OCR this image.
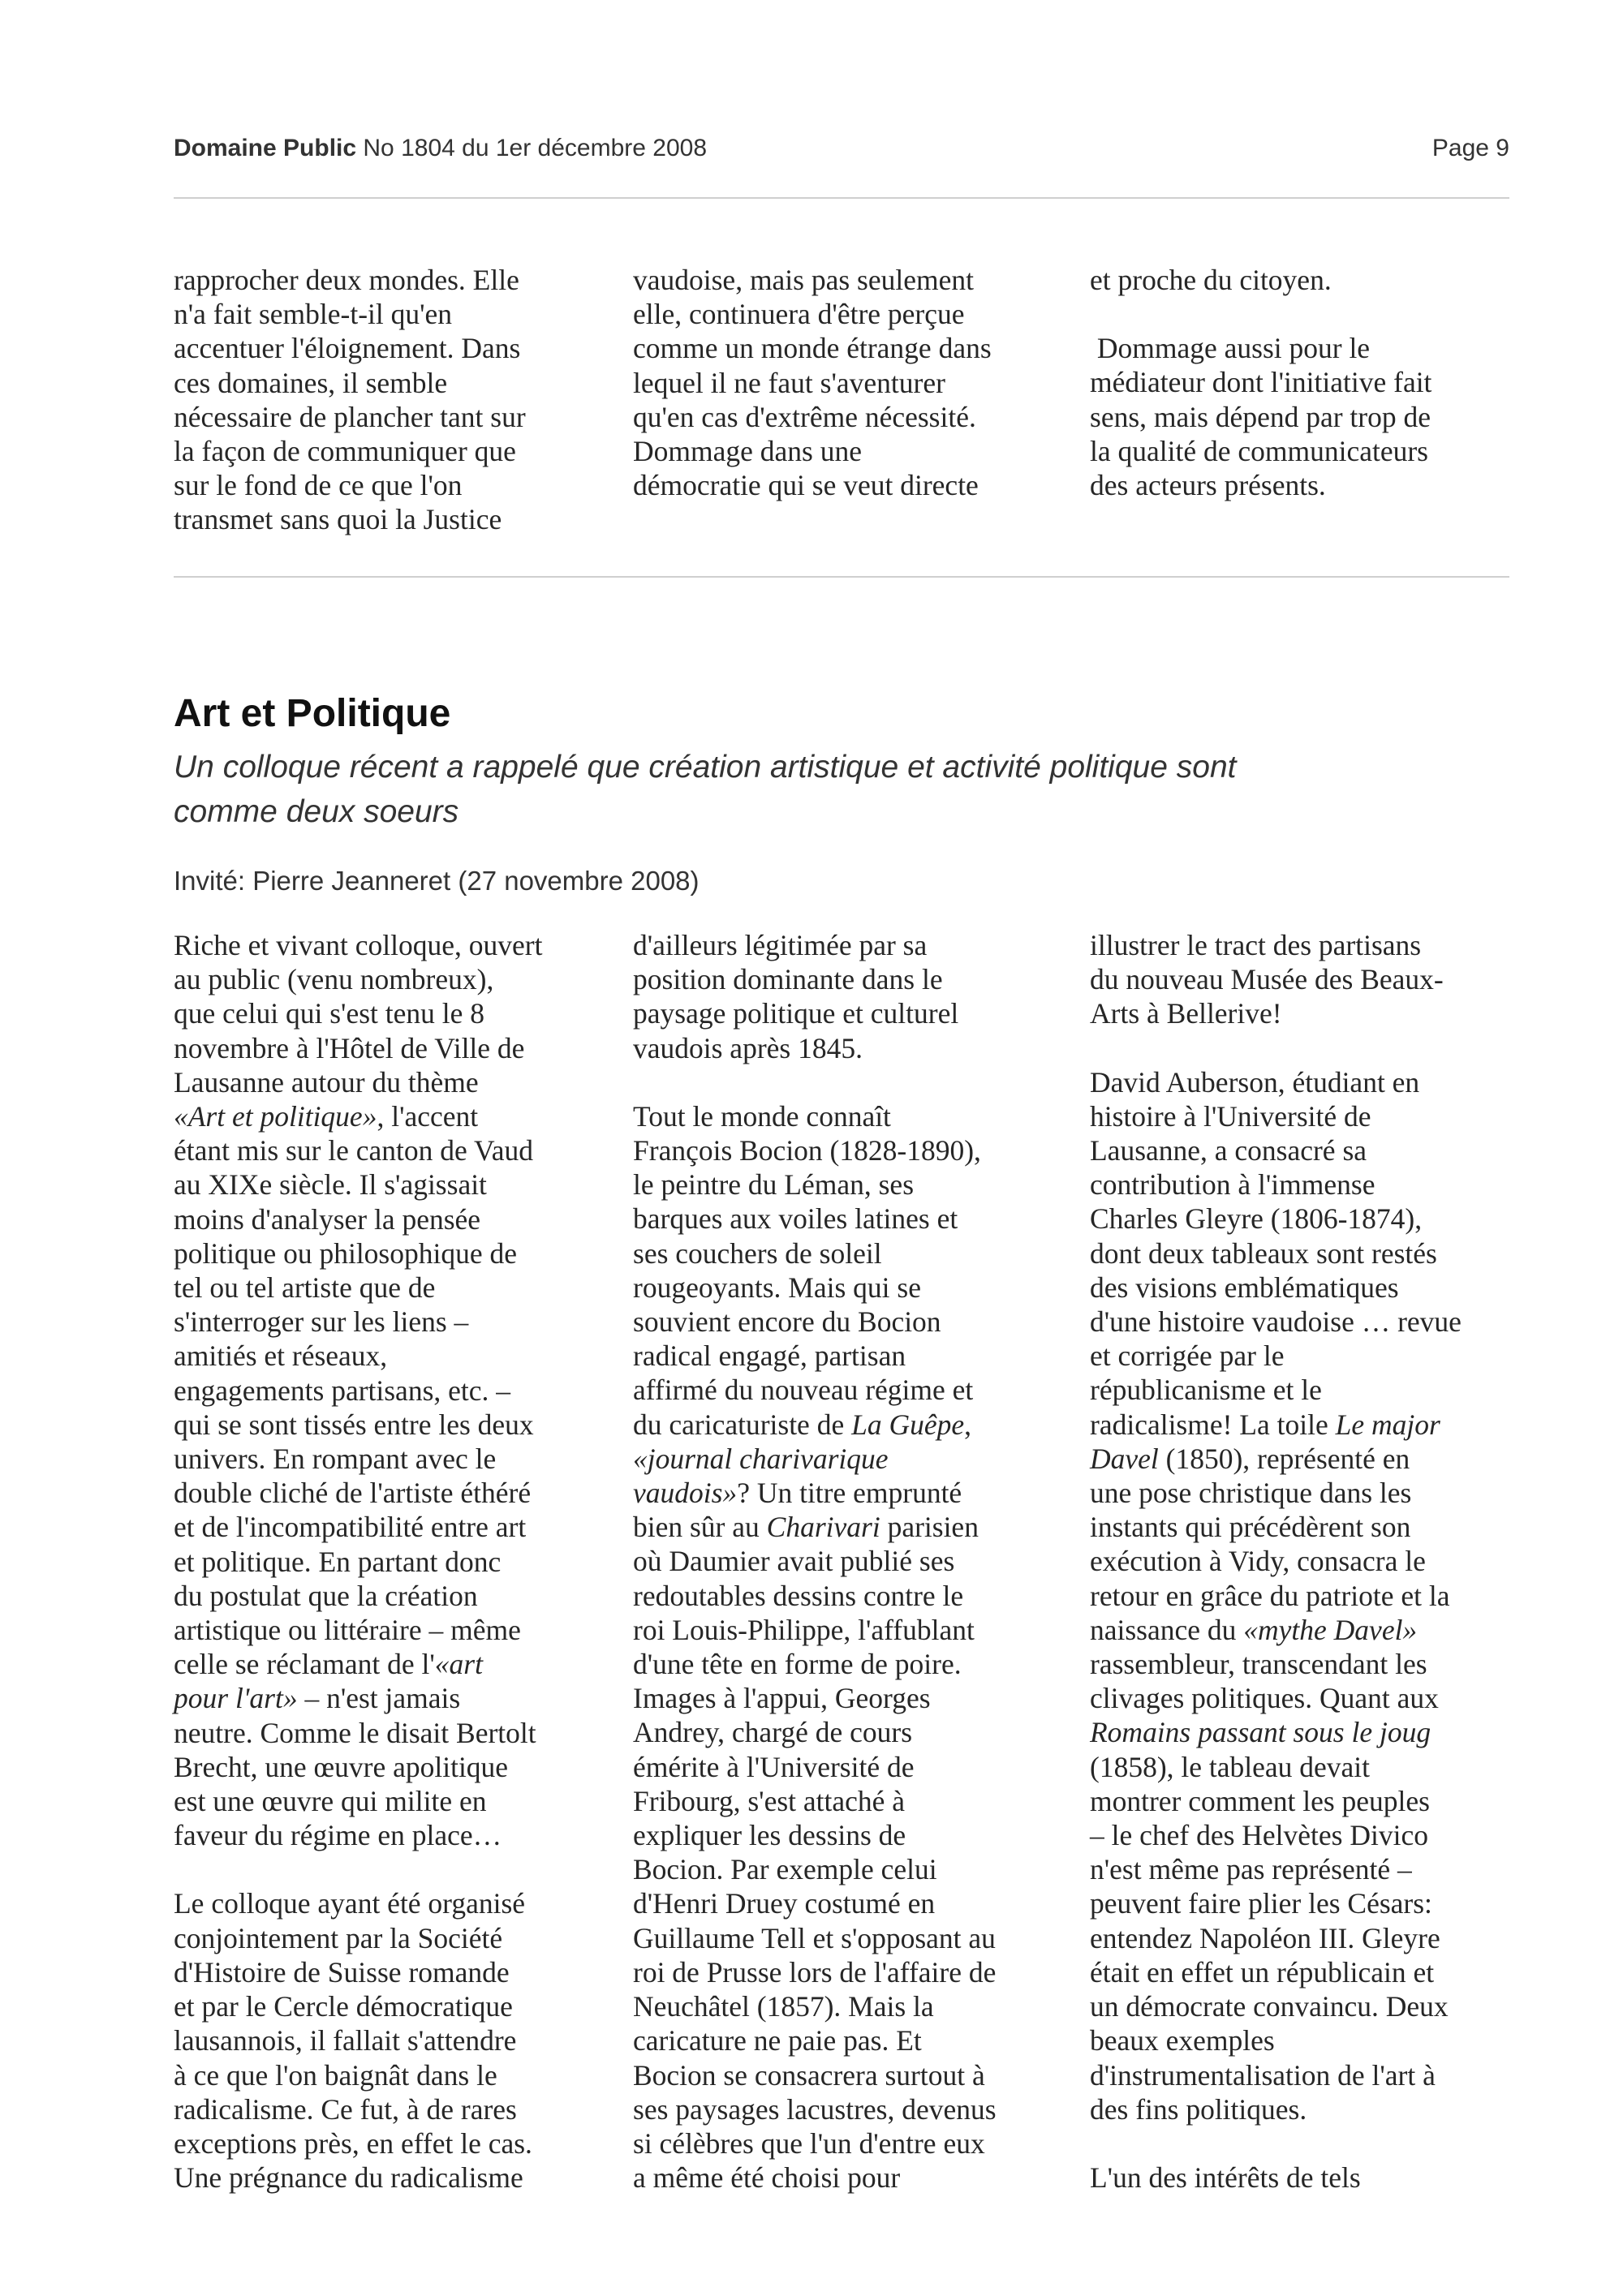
Domaine Public No 1804 du 1er décembre 2008	Page 9

rapprocher deux mondes. Elle
n'a fait semble-t-il qu'en
accentuer l'éloignement. Dans
ces domaines, il semble
nécessaire de plancher tant sur
la façon de communiquer que
sur le fond de ce que l'on
transmet sans quoi la Justice

vaudoise, mais pas seulement
elle, continuera d'être perçue
comme un monde étrange dans
lequel il ne faut s'aventurer
qu'en cas d'extrême nécessité.
Dommage dans une
démocratie qui se veut directe

et proche du citoyen.

Dommage aussi pour le
médiateur dont l'initiative fait
sens, mais dépend par trop de
la qualité de communicateurs
des acteurs présents.

Art et Politique

Un colloque récent a rappelé que création artistique et activité politique sont
comme deux soeurs

Invité: Pierre Jeanneret (27 novembre 2008)

Riche et vivant colloque, ouvert
au public (venu nombreux),
que celui qui s'est tenu le 8
novembre à l'Hôtel de Ville de
Lausanne autour du thème
«Art et politique», l'accent
étant mis sur le canton de Vaud
au XIXe siècle. Il s'agissait
moins d'analyser la pensée
politique ou philosophique de
tel ou tel artiste que de
s'interroger sur les liens –
amitiés et réseaux,
engagements partisans, etc. –
qui se sont tissés entre les deux
univers. En rompant avec le
double cliché de l'artiste éthéré
et de l'incompatibilité entre art
et politique. En partant donc
du postulat que la création
artistique ou littéraire – même
celle se réclamant de l'«art
pour l'art» – n'est jamais
neutre. Comme le disait Bertolt
Brecht, une œuvre apolitique
est une œuvre qui milite en
faveur du régime en place…

Le colloque ayant été organisé
conjointement par la Société
d'Histoire de Suisse romande
et par le Cercle démocratique
lausannois, il fallait s'attendre
à ce que l'on baignât dans le
radicalisme. Ce fut, à de rares
exceptions près, en effet le cas.
Une prégnance du radicalisme

d'ailleurs légitimée par sa
position dominante dans le
paysage politique et culturel
vaudois après 1845.

Tout le monde connaît
François Bocion (1828-1890),
le peintre du Léman, ses
barques aux voiles latines et
ses couchers de soleil
rougeoyants. Mais qui se
souvient encore du Bocion
radical engagé, partisan
affirmé du nouveau régime et
du caricaturiste de La Guêpe,
«journal charivarique
vaudois»? Un titre emprunté
bien sûr au Charivari parisien
où Daumier avait publié ses
redoutables dessins contre le
roi Louis-Philippe, l'affublant
d'une tête en forme de poire.
Images à l'appui, Georges
Andrey, chargé de cours
émérite à l'Université de
Fribourg, s'est attaché à
expliquer les dessins de
Bocion. Par exemple celui
d'Henri Druey costumé en
Guillaume Tell et s'opposant au
roi de Prusse lors de l'affaire de
Neuchâtel (1857). Mais la
caricature ne paie pas. Et
Bocion se consacrera surtout à
ses paysages lacustres, devenus
si célèbres que l'un d'entre eux
a même été choisi pour

illustrer le tract des partisans
du nouveau Musée des Beaux-
Arts à Bellerive!

David Auberson, étudiant en
histoire à l'Université de
Lausanne, a consacré sa
contribution à l'immense
Charles Gleyre (1806-1874),
dont deux tableaux sont restés
des visions emblématiques
d'une histoire vaudoise … revue
et corrigée par le
républicanisme et le
radicalisme! La toile Le major
Davel (1850), représenté en
une pose christique dans les
instants qui précédèrent son
exécution à Vidy, consacra le
retour en grâce du patriote et la
naissance du «mythe Davel»
rassembleur, transcendant les
clivages politiques. Quant aux
Romains passant sous le joug
(1858), le tableau devait
montrer comment les peuples
– le chef des Helvètes Divico
n'est même pas représenté –
peuvent faire plier les Césars:
entendez Napoléon III. Gleyre
était en effet un républicain et
un démocrate convaincu. Deux
beaux exemples
d'instrumentalisation de l'art à
des fins politiques.

L'un des intérêts de tels
